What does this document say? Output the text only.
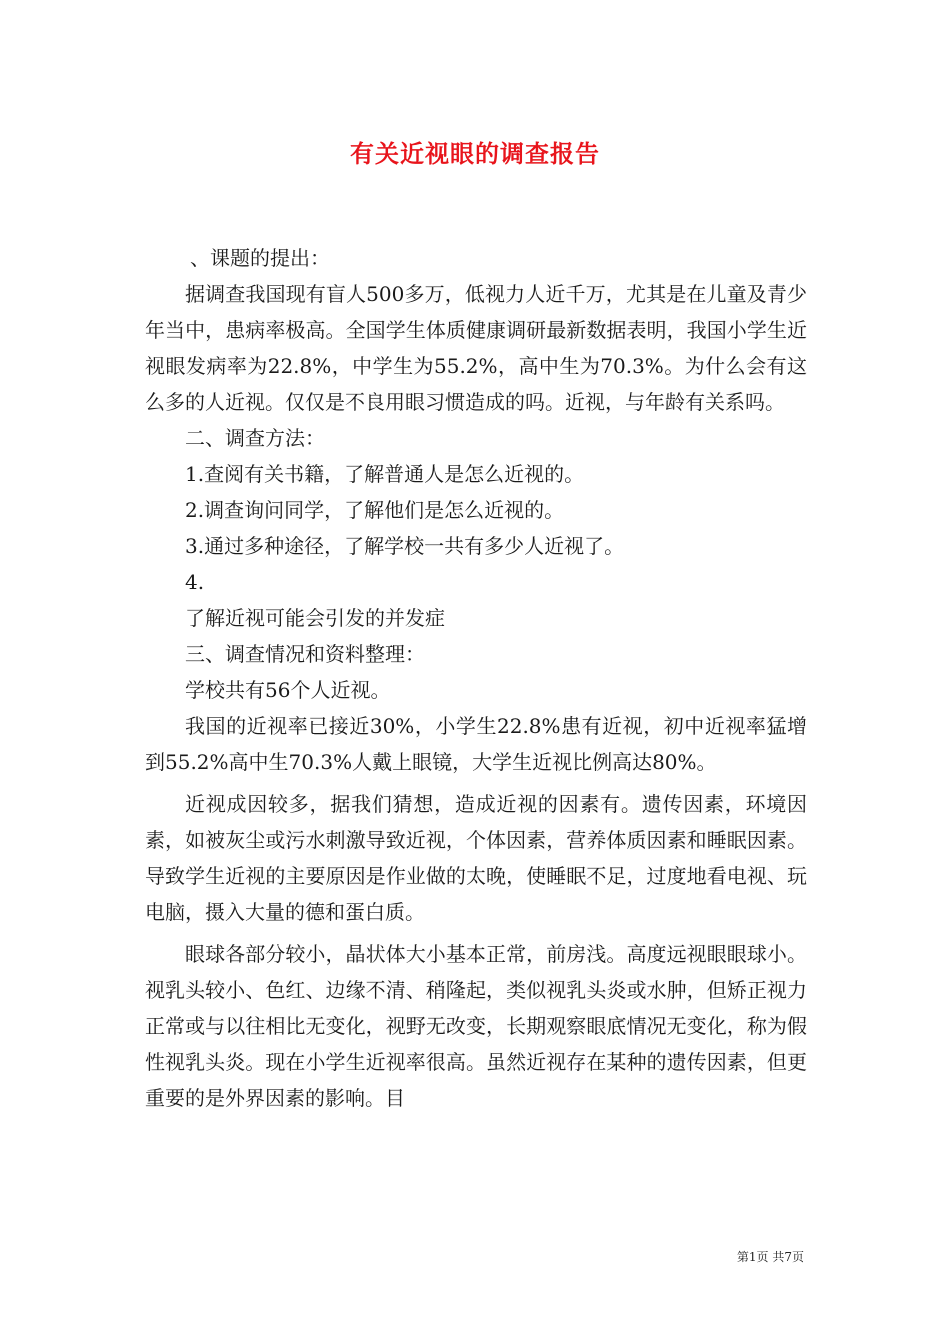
有关近视眼的调查报告

、课题的提出：

据调查我国现有盲人500多万，低视力人近千万，尤其是在儿童及青少年当中，患病率极高。全国学生体质健康调研最新数据表明，我国小学生近视眼发病率为22.8%，中学生为55.2%，高中生为70.3%。为什么会有这么多的人近视。仅仅是不良用眼习惯造成的吗。近视，与年龄有关系吗。

二、调查方法：

1.查阅有关书籍，了解普通人是怎么近视的。

2.调查询问同学，了解他们是怎么近视的。

3.通过多种途径，了解学校一共有多少人近视了。

4.

了解近视可能会引发的并发症

三、调查情况和资料整理：

学校共有56个人近视。

我国的近视率已接近30%，小学生22.8%患有近视，初中近视率猛增到55.2%高中生70.3%人戴上眼镜，大学生近视比例高达80%。

近视成因较多，据我们猜想，造成近视的因素有。遗传因素，环境因素，如被灰尘或污水刺激导致近视，个体因素，营养体质因素和睡眠因素。导致学生近视的主要原因是作业做的太晚，使睡眠不足，过度地看电视、玩电脑，摄入大量的德和蛋白质。

眼球各部分较小，晶状体大小基本正常，前房浅。高度远视眼眼球小。视乳头较小、色红、边缘不清、稍隆起，类似视乳头炎或水肿，但矫正视力正常或与以往相比无变化，视野无改变，长期观察眼底情况无变化，称为假性视乳头炎。现在小学生近视率很高。虽然近视存在某种的遗传因素，但更重要的是外界因素的影响。目

第1页 共7页
